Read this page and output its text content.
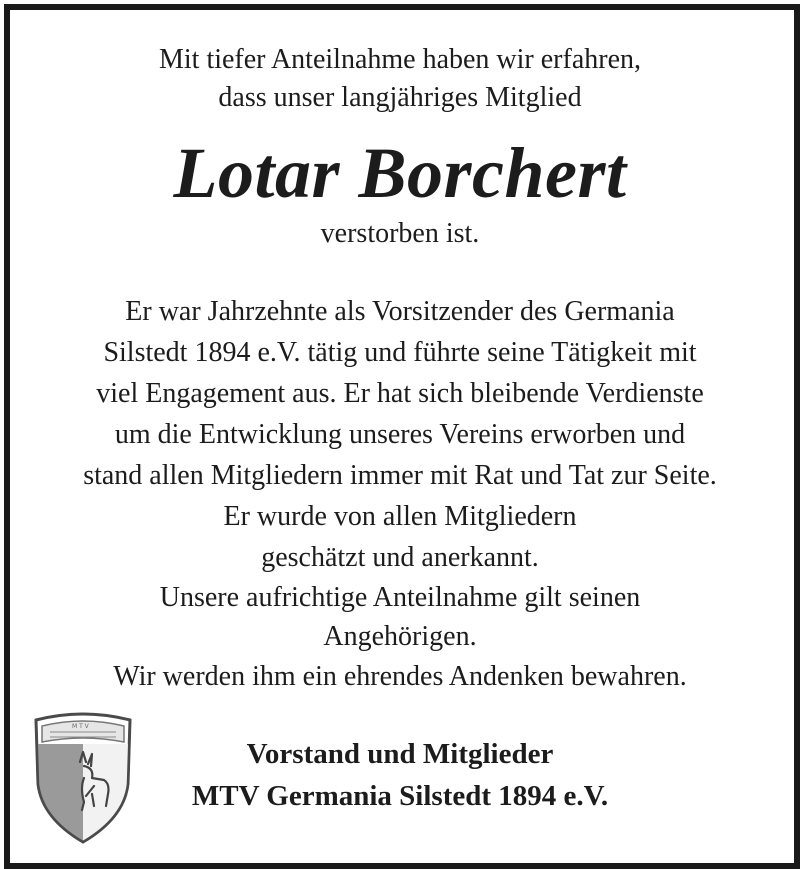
Mit tiefer Anteilnahme haben wir erfahren,
dass unser langjähriges Mitglied
Lotar Borchert
verstorben ist.
Er war Jahrzehnte als Vorsitzender des Germania
Silstedt 1894 e.V. tätig und führte seine Tätigkeit mit
viel Engagement aus. Er hat sich bleibende Verdienste
um die Entwicklung unseres Vereins erworben und
stand allen Mitgliedern immer mit Rat und Tat zur Seite.
Er wurde von allen Mitgliedern
geschätzt und anerkannt.
Unsere aufrichtige Anteilnahme gilt seinen
Angehörigen.
Wir werden ihm ein ehrendes Andenken bewahren.
M T V
Vorstand und Mitglieder
MTV Germania Silstedt 1894 e.V.
